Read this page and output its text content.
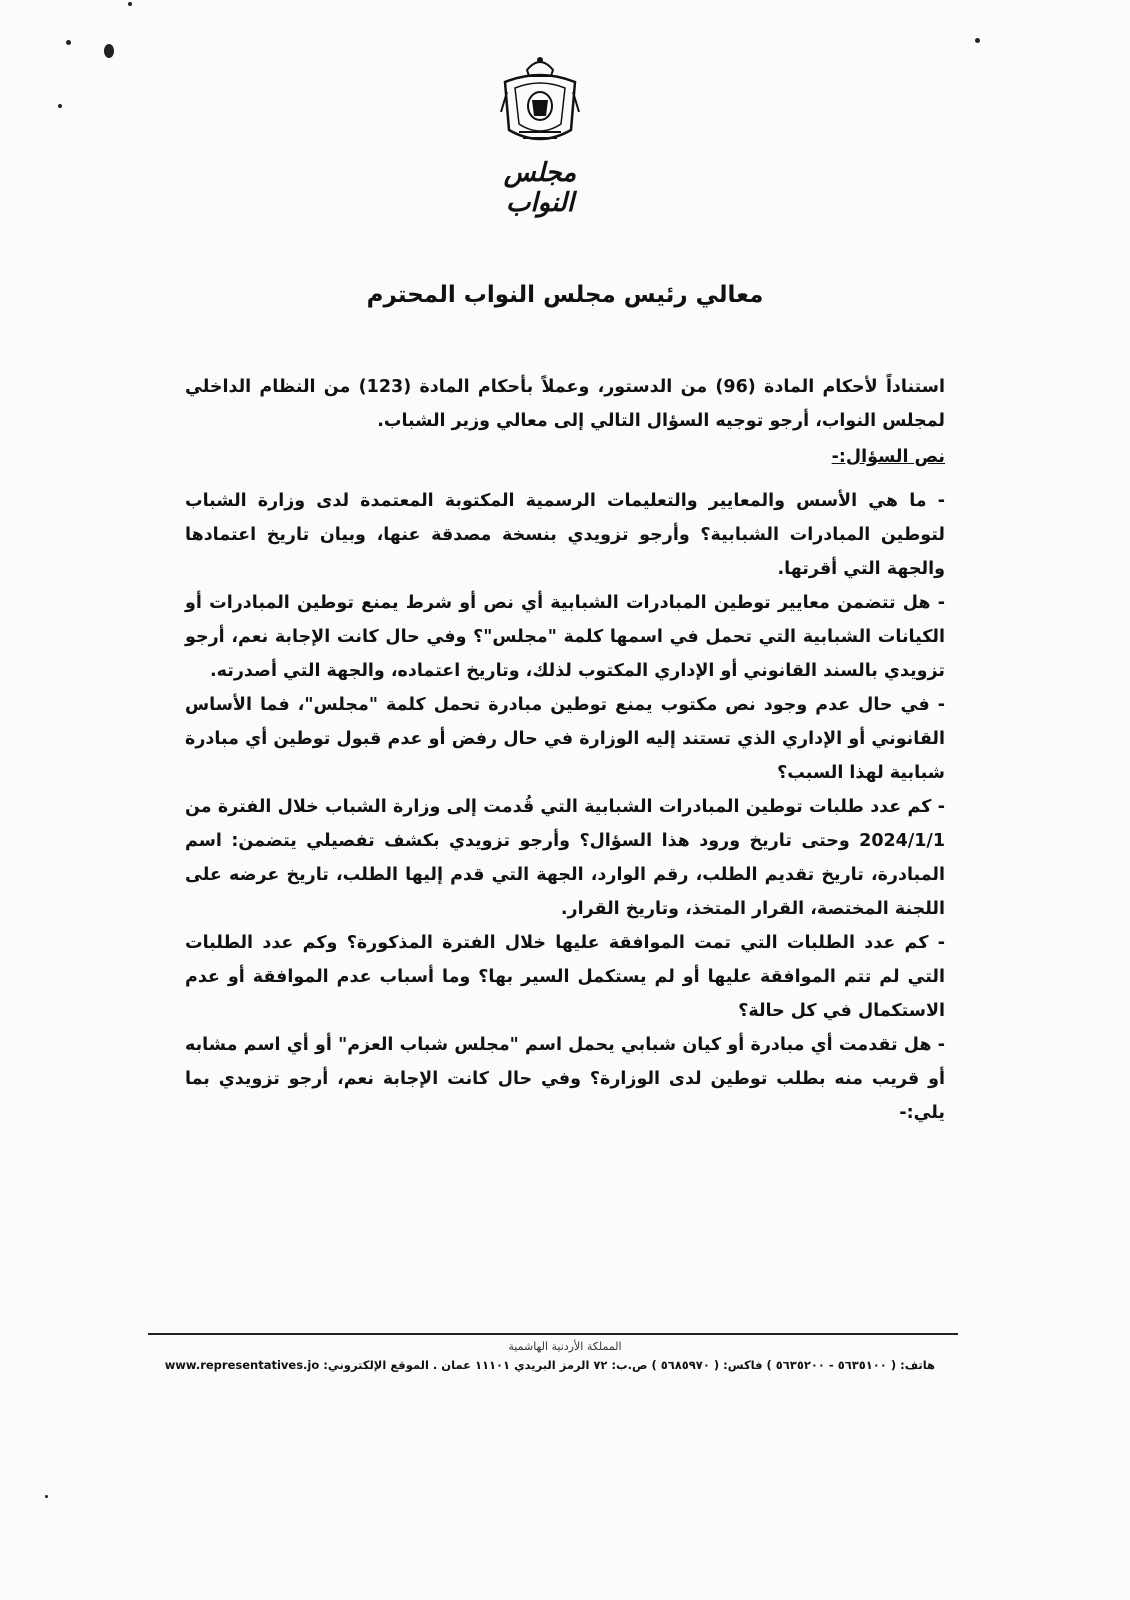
مجلس النواب
معالي رئيس مجلس النواب المحترم

استناداً لأحكام المادة (96) من الدستور، وعملاً بأحكام المادة (123) من النظام الداخلي لمجلس النواب، أرجو توجيه السؤال التالي إلى معالي وزير الشباب.

نص السؤال:-

- ما هي الأسس والمعايير والتعليمات الرسمية المكتوبة المعتمدة لدى وزارة الشباب لتوطين المبادرات الشبابية؟ وأرجو تزويدي بنسخة مصدقة عنها، وبيان تاريخ اعتمادها والجهة التي أقرتها.

- هل تتضمن معايير توطين المبادرات الشبابية أي نص أو شرط يمنع توطين المبادرات أو الكيانات الشبابية التي تحمل في اسمها كلمة "مجلس"؟ وفي حال كانت الإجابة نعم، أرجو تزويدي بالسند القانوني أو الإداري المكتوب لذلك، وتاريخ اعتماده، والجهة التي أصدرته.

- في حال عدم وجود نص مكتوب يمنع توطين مبادرة تحمل كلمة "مجلس"، فما الأساس القانوني أو الإداري الذي تستند إليه الوزارة في حال رفض أو عدم قبول توطين أي مبادرة شبابية لهذا السبب؟

- كم عدد طلبات توطين المبادرات الشبابية التي قُدمت إلى وزارة الشباب خلال الفترة من 2024/1/1 وحتى تاريخ ورود هذا السؤال؟ وأرجو تزويدي بكشف تفصيلي يتضمن: اسم المبادرة، تاريخ تقديم الطلب، رقم الوارد، الجهة التي قدم إليها الطلب، تاريخ عرضه على اللجنة المختصة، القرار المتخذ، وتاريخ القرار.

- كم عدد الطلبات التي تمت الموافقة عليها خلال الفترة المذكورة؟ وكم عدد الطلبات التي لم تتم الموافقة عليها أو لم يستكمل السير بها؟ وما أسباب عدم الموافقة أو عدم الاستكمال في كل حالة؟

- هل تقدمت أي مبادرة أو كيان شبابي يحمل اسم "مجلس شباب العزم" أو أي اسم مشابه أو قريب منه بطلب توطين لدى الوزارة؟ وفي حال كانت الإجابة نعم، أرجو تزويدي بما يلي:-

المملكة الأردنية الهاشمية
هاتف: ( ٥٦٣٥١٠٠ - ٥٦٣٥٢٠٠ ) فاكس: ( ٥٦٨٥٩٧٠ ) ص.ب: ٧٢ الرمز البريدي ١١١٠١ عمان . الموقع الإلكتروني: www.representatives.jo
